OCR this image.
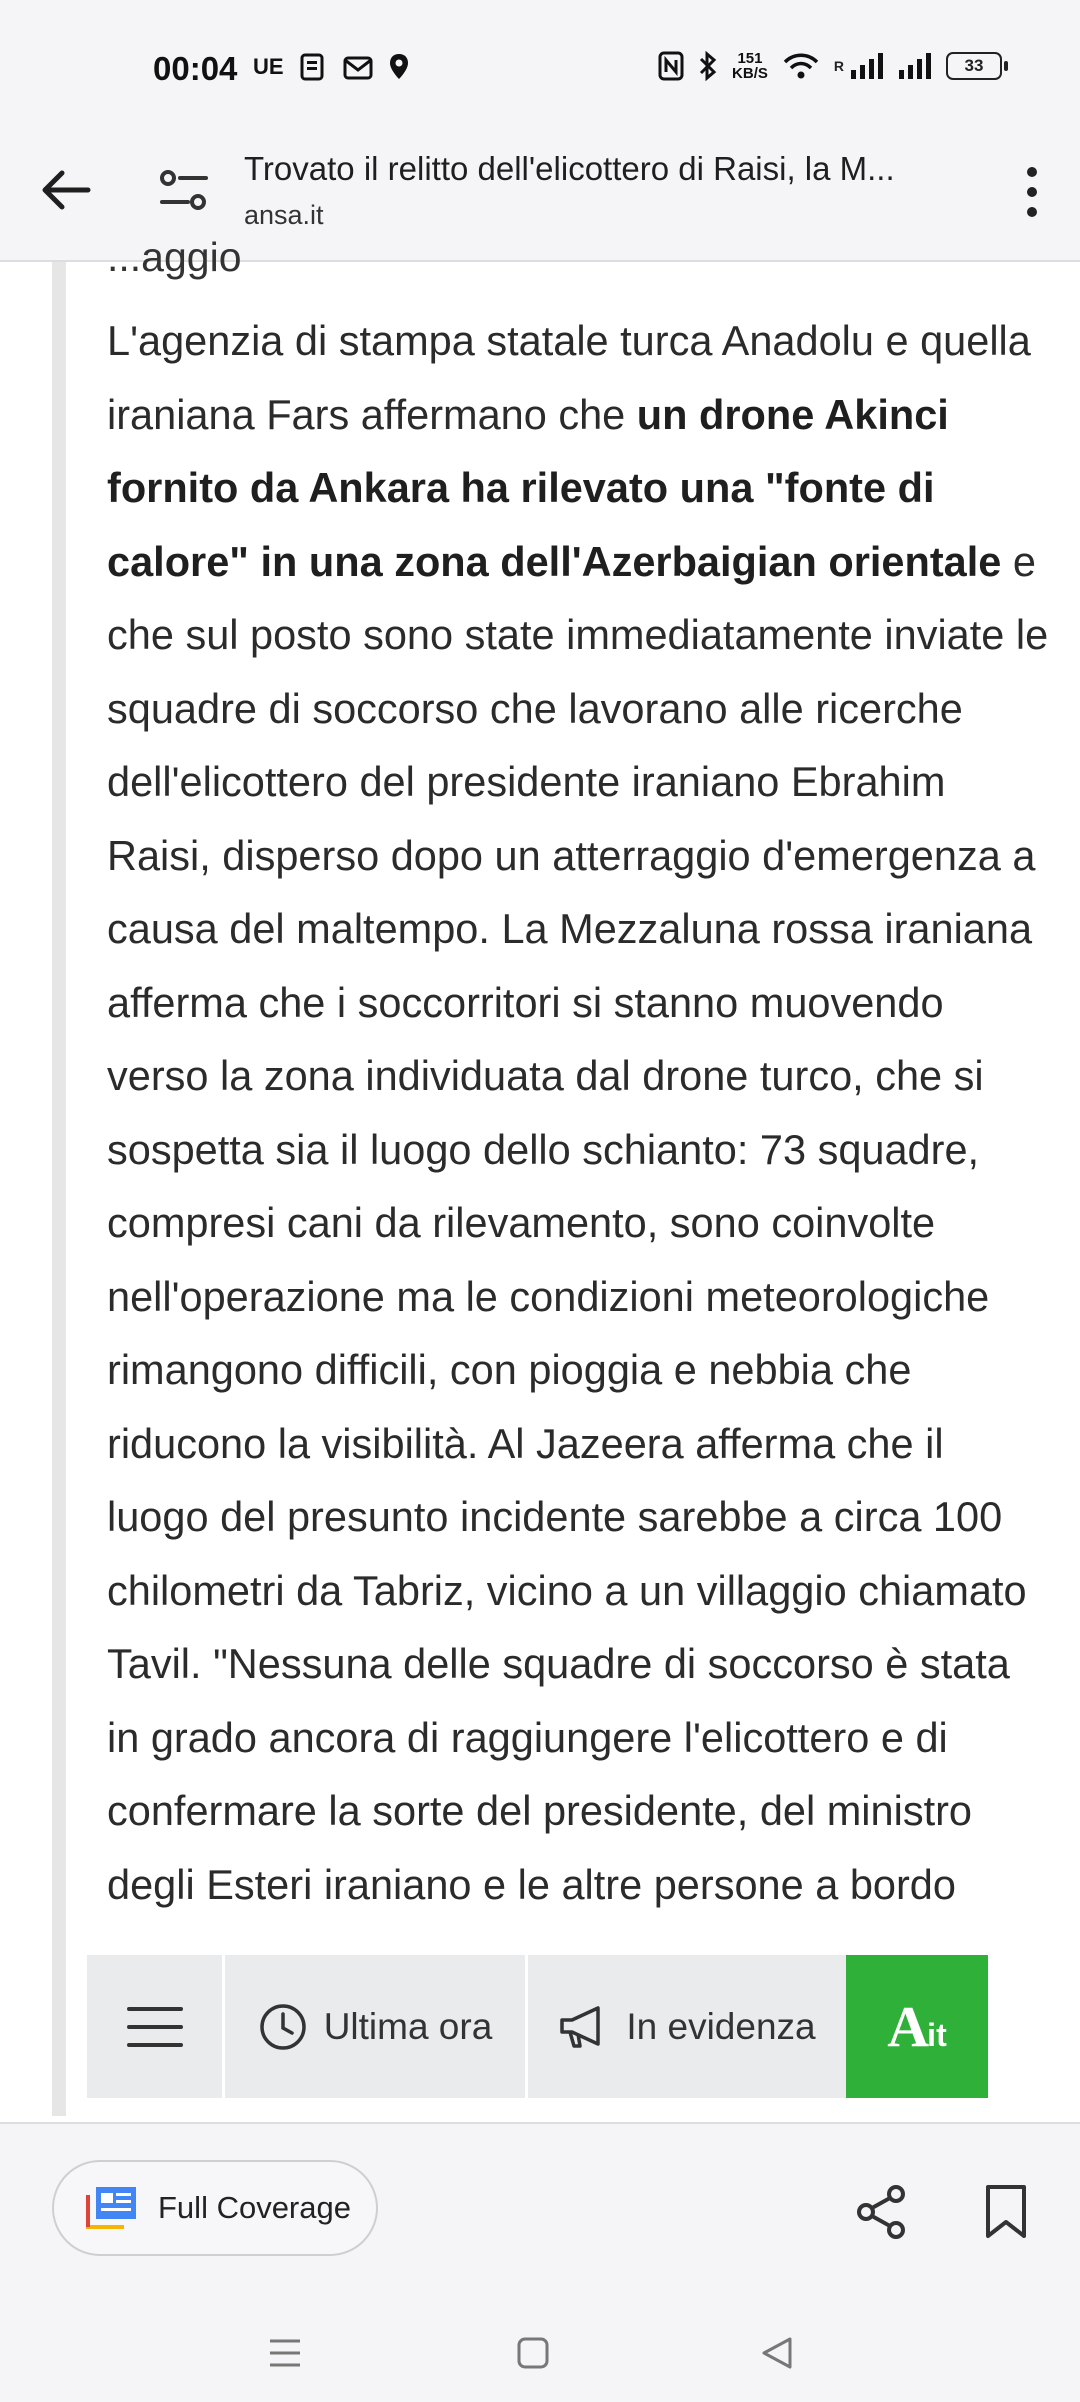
00:04 UE	151
KB/S	R	33
Trovato il relitto dell'elicottero di Raisi, la M...
ansa.it
...aggio

L'agenzia di stampa statale turca Anadolu e quella iraniana Fars affermano che un drone Akinci fornito da Ankara ha rilevato una "fonte di calore" in una zona dell'Azerbaigian orientale e che sul posto sono state immediatamente inviate le squadre di soccorso che lavorano alle ricerche dell'elicottero del presidente iraniano Ebrahim Raisi, disperso dopo un atterraggio d'emergenza a causa del maltempo. La Mezzaluna rossa iraniana afferma che i soccorritori si stanno muovendo verso la zona individuata dal drone turco, che si sospetta sia il luogo dello schianto: 73 squadre, compresi cani da rilevamento, sono coinvolte nell'operazione ma le condizioni meteorologiche rimangono difficili, con pioggia e nebbia che riducono la visibilità. Al Jazeera afferma che il luogo del presunto incidente sarebbe a circa 100 chilometri da Tabriz, vicino a un villaggio chiamato Tavil. "Nessuna delle squadre di soccorso è stata in grado ancora di raggiungere l'elicottero e di confermare la sorte del presidente, del ministro degli Esteri iraniano e le altre persone a bordo

Ultima ora	In evidenza Ait
Full Coverage
